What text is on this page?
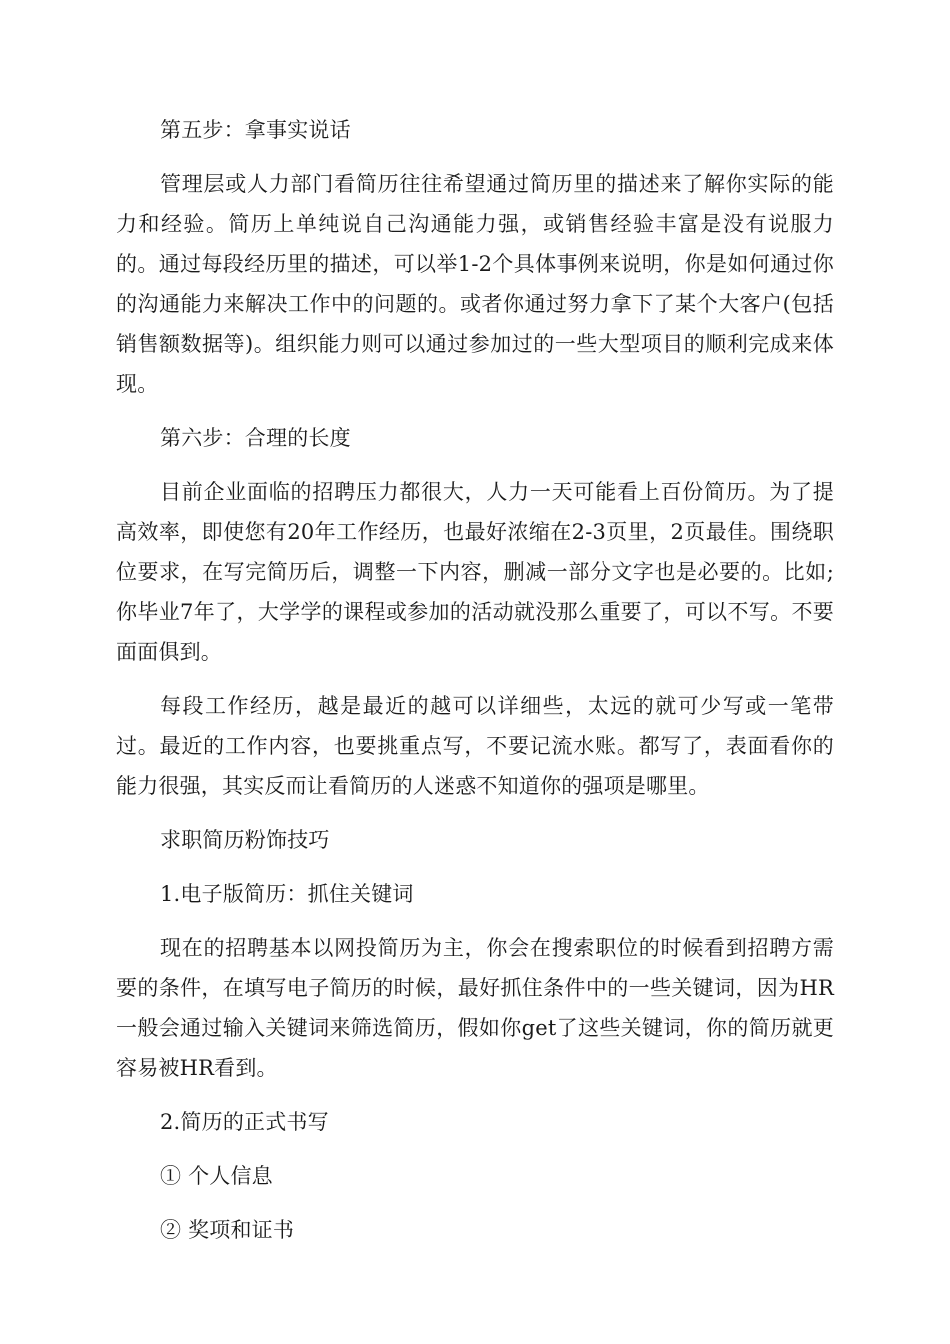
第五步：拿事实说话

管理层或人力部门看简历往往希望通过简历里的描述来了解你实际的能力和经验。简历上单纯说自己沟通能力强，或销售经验丰富是没有说服力的。通过每段经历里的描述，可以举1-2个具体事例来说明，你是如何通过你的沟通能力来解决工作中的问题的。或者你通过努力拿下了某个大客户(包括销售额数据等)。组织能力则可以通过参加过的一些大型项目的顺利完成来体现。

第六步：合理的长度

目前企业面临的招聘压力都很大，人力一天可能看上百份简历。为了提高效率，即使您有20年工作经历，也最好浓缩在2-3页里，2页最佳。围绕职位要求，在写完简历后，调整一下内容，删减一部分文字也是必要的。比如;你毕业7年了，大学学的课程或参加的活动就没那么重要了，可以不写。不要面面俱到。

每段工作经历，越是最近的越可以详细些，太远的就可少写或一笔带过。最近的工作内容，也要挑重点写，不要记流水账。都写了，表面看你的能力很强，其实反而让看简历的人迷惑不知道你的强项是哪里。

求职简历粉饰技巧

1.电子版简历：抓住关键词

现在的招聘基本以网投简历为主，你会在搜索职位的时候看到招聘方需要的条件，在填写电子简历的时候，最好抓住条件中的一些关键词，因为HR一般会通过输入关键词来筛选简历，假如你get了这些关键词，你的简历就更容易被HR看到。

2.简历的正式书写

① 个人信息

② 奖项和证书
